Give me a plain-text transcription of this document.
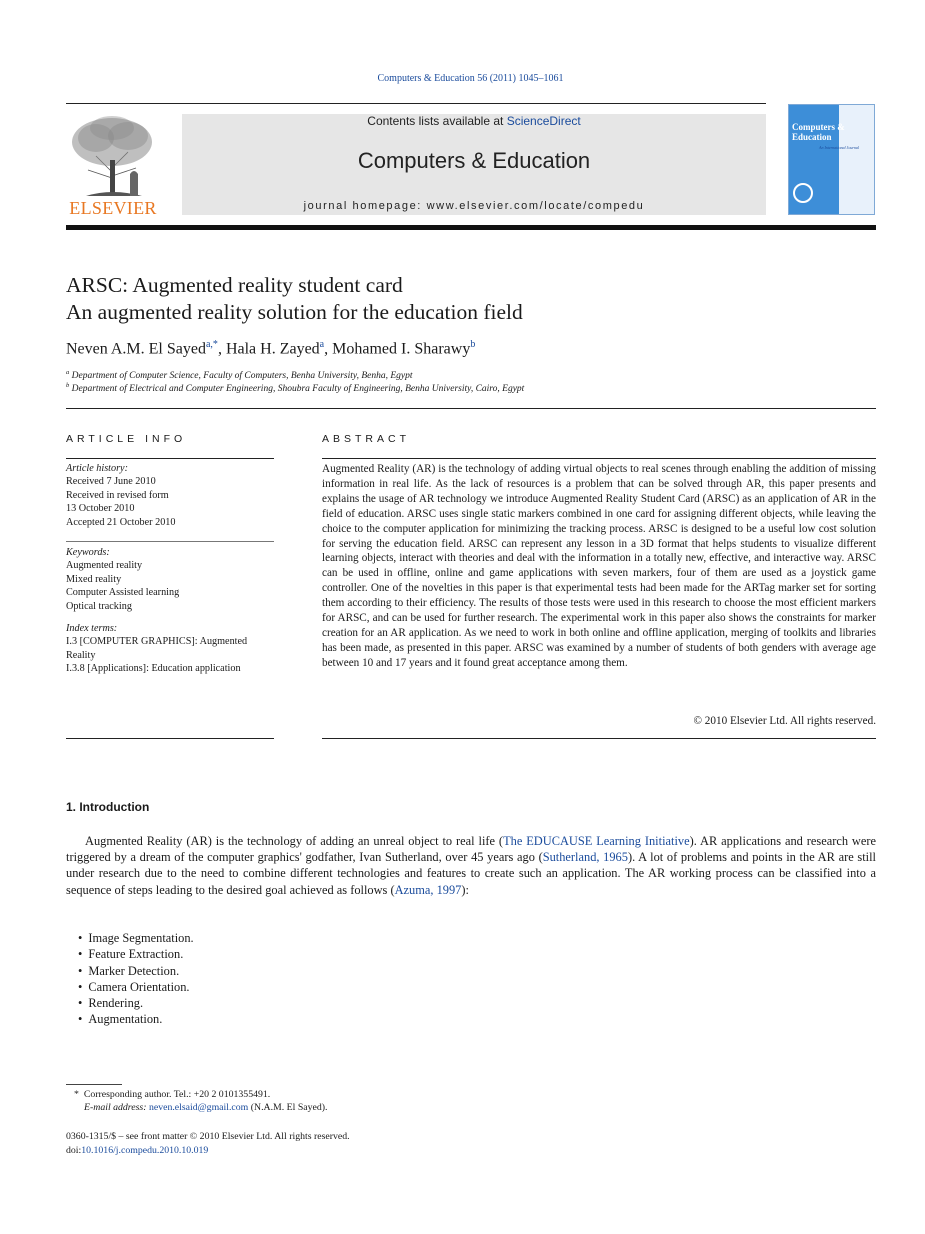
Computers & Education 56 (2011) 1045–1061
ELSEVIER
Contents lists available at ScienceDirect
Computers & Education
journal homepage: www.elsevier.com/locate/compedu
Computers & Education
An International Journal
ARSC: Augmented reality student card
An augmented reality solution for the education field
Neven A.M. El Sayed$^{a,*}$, Hala H. Zayed$^a$, Mohamed I. Sharawy$^b$
$^a$ Department of Computer Science, Faculty of Computers, Benha University, Benha, Egypt
$^b$ Department of Electrical and Computer Engineering, Shoubra Faculty of Engineering, Benha University, Cairo, Egypt
ARTICLE INFO	ABSTRACT
Article history:
Received 7 June 2010
Received in revised form
13 October 2010
Accepted 21 October 2010
Keywords:
Augmented reality
Mixed reality
Computer Assisted learning
Optical tracking
Index terms:
I.3 [COMPUTER GRAPHICS]: Augmented
Reality
I.3.8 [Applications]: Education application
Augmented Reality (AR) is the technology of adding virtual objects to real scenes through enabling the addition of missing information in real life. As the lack of resources is a problem that can be solved through AR, this paper presents and explains the usage of AR technology we introduce Augmented Reality Student Card (ARSC) as an application of AR in the field of education. ARSC uses single static markers combined in one card for assigning different objects, while leaving the choice to the computer application for minimizing the tracking process. ARSC is designed to be a useful low cost solution for serving the education field. ARSC can represent any lesson in a 3D format that helps students to visualize different learning objects, interact with theories and deal with the information in a totally new, effective, and interactive way. ARSC can be used in offline, online and game applications with seven markers, four of them are used as a joystick game controller. One of the novelties in this paper is that experimental tests had been made for the ARTag marker set for sorting them according to their efficiency. The results of those tests were used in this research to choose the most efficient markers for ARSC, and can be used for further research. The experimental work in this paper also shows the constraints for marker creation for an AR application. As we need to work in both online and offline application, merging of toolkits and libraries has been made, as presented in this paper. ARSC was examined by a number of students of both genders with average age between 10 and 17 years and it found great acceptance among them.
© 2010 Elsevier Ltd. All rights reserved.
1. Introduction
Augmented Reality (AR) is the technology of adding an unreal object to real life (The EDUCAUSE Learning Initiative). AR applications and research were triggered by a dream of the computer graphics' godfather, Ivan Sutherland, over 45 years ago (Sutherland, 1965). A lot of problems and points in the AR are still under research due to the need to combine different technologies and features to create such an application. The AR working process can be classified into a sequence of steps leading to the desired goal achieved as follows (Azuma, 1997):
• Image Segmentation.
• Feature Extraction.
• Marker Detection.
• Camera Orientation.
• Rendering.
• Augmentation.
* Corresponding author. Tel.: +20 2 0101355491.
E-mail address: neven.elsaid@gmail.com (N.A.M. El Sayed).
0360-1315/$ – see front matter © 2010 Elsevier Ltd. All rights reserved.
doi:10.1016/j.compedu.2010.10.019
